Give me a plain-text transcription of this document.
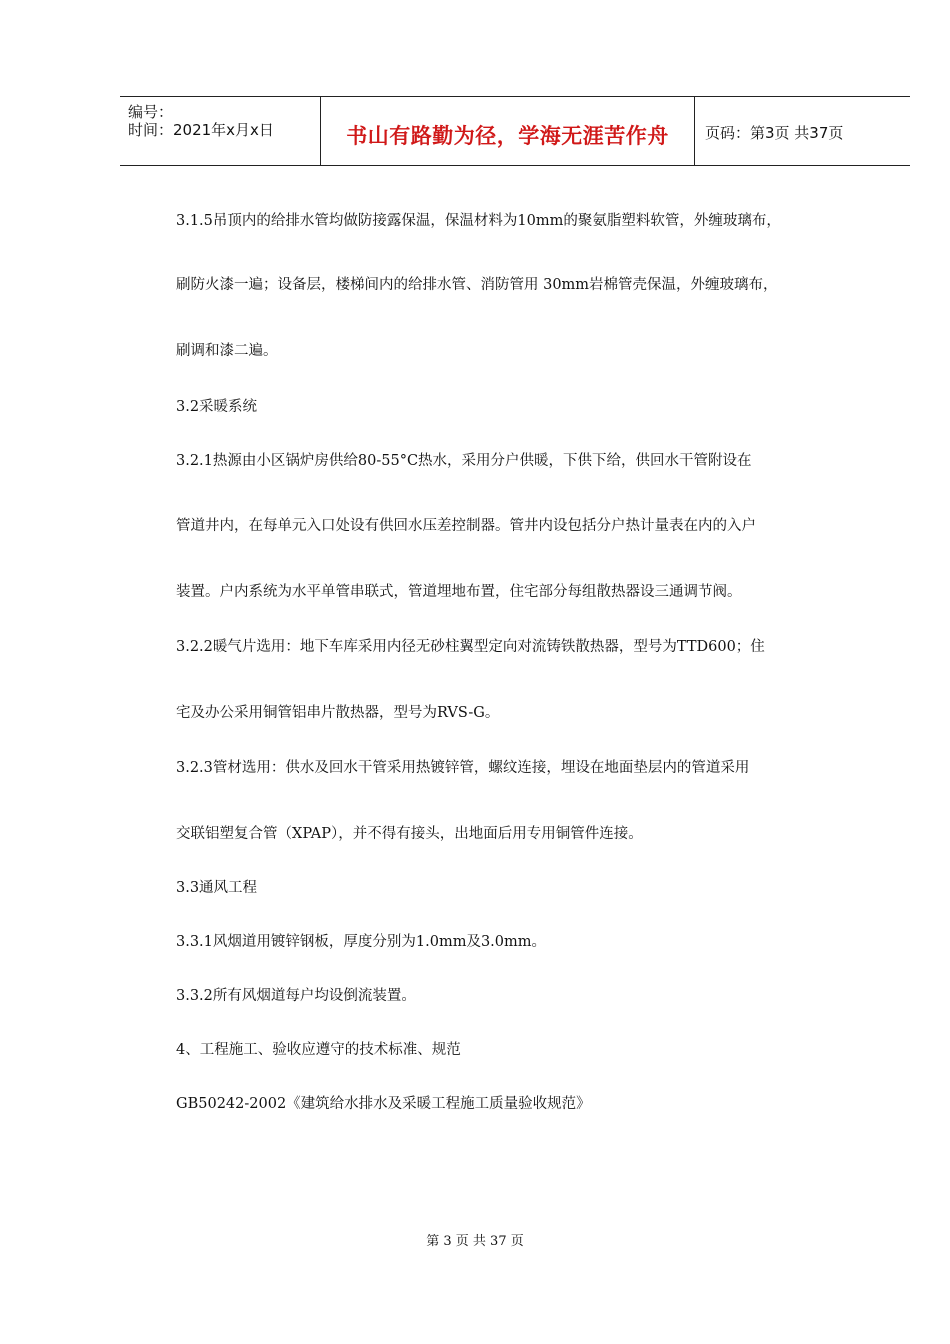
编号：
时间：2021年x月x日	书山有路勤为径，学海无涯苦作舟	页码：第3页 共37页
3.1.5吊顶内的给排水管均做防接露保温，保温材料为10mm的聚氨脂塑料软管，外缠玻璃布，
刷防火漆一遍；设备层，楼梯间内的给排水管、消防管用 30mm岩棉管壳保温，外缠玻璃布，
刷调和漆二遍。
3.2采暖系统
3.2.1热源由小区锅炉房供给80-55°C热水，采用分户供暖，下供下给，供回水干管附设在
管道井内，在每单元入口处设有供回水压差控制器。管井内设包括分户热计量表在内的入户
装置。户内系统为水平单管串联式，管道埋地布置，住宅部分每组散热器设三通调节阀。
3.2.2暖气片选用：地下车库采用内径无砂柱翼型定向对流铸铁散热器，型号为TTD600；住
宅及办公采用铜管铝串片散热器，型号为RVS-G。
3.2.3管材选用：供水及回水干管采用热镀锌管，螺纹连接，埋设在地面垫层内的管道采用
交联铝塑复合管（XPAP），并不得有接头，出地面后用专用铜管件连接。
3.3通风工程
3.3.1风烟道用镀锌钢板，厚度分别为1.0mm及3.0mm。
3.3.2所有风烟道每户均设倒流装置。
4、工程施工、验收应遵守的技术标准、规范
GB50242-2002《建筑给水排水及采暖工程施工质量验收规范》
第 3 页 共 37 页
